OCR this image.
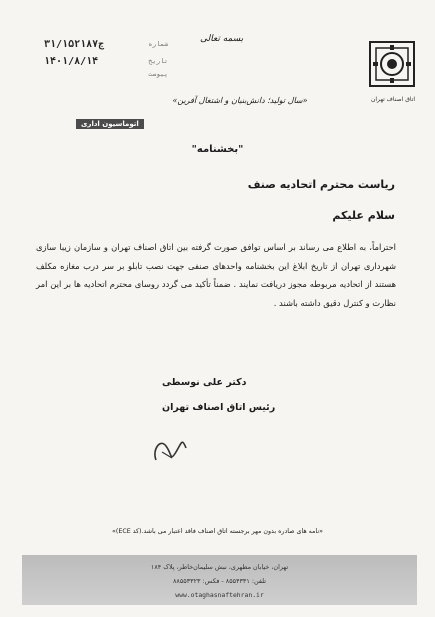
اتاق اصناف تهران
بسمه تعالی
۳۱/۱۵۲۱۸۷ج
۱۴۰۱/۸/۱۴
شماره
تاریخ
پیوست
«سال تولید؛ دانش‌بنیان و اشتغال آفرین»
اتوماسیون اداری
"بخشنامه"
ریاست محترم اتحادیه صنف
سلام علیکم

احتراماً، به اطلاع می رساند بر اساس توافق صورت گرفته بین اتاق اصناف تهران و سازمان زیبا سازی شهرداری تهران از تاریخ ابلاغ این بخشنامه واحدهای صنفی جهت نصب تابلو بر سر درب مغازه مکلف هستند از اتحادیه مربوطه مجوز دریافت نمایند . ضمناً تأکید می گردد روسای محترم اتحادیه ها بر این امر نظارت و کنترل دقیق داشته باشند .

دکتر علی نوسطی
رئیس اتاق اصناف تهران
«نامه های صادره بدون مهر برجسته اتاق اصناف فاقد اعتبار می باشد.(کد ECE)»
تهران، خیابان مطهری، نبش سلیمان‌خاطر، پلاک ۱۸۴
تلفن: ۸۵۵۴۳۳۱ - فکس: ۸۸۵۵۳۳۲۳
www.otaghasnaftehran.ir
